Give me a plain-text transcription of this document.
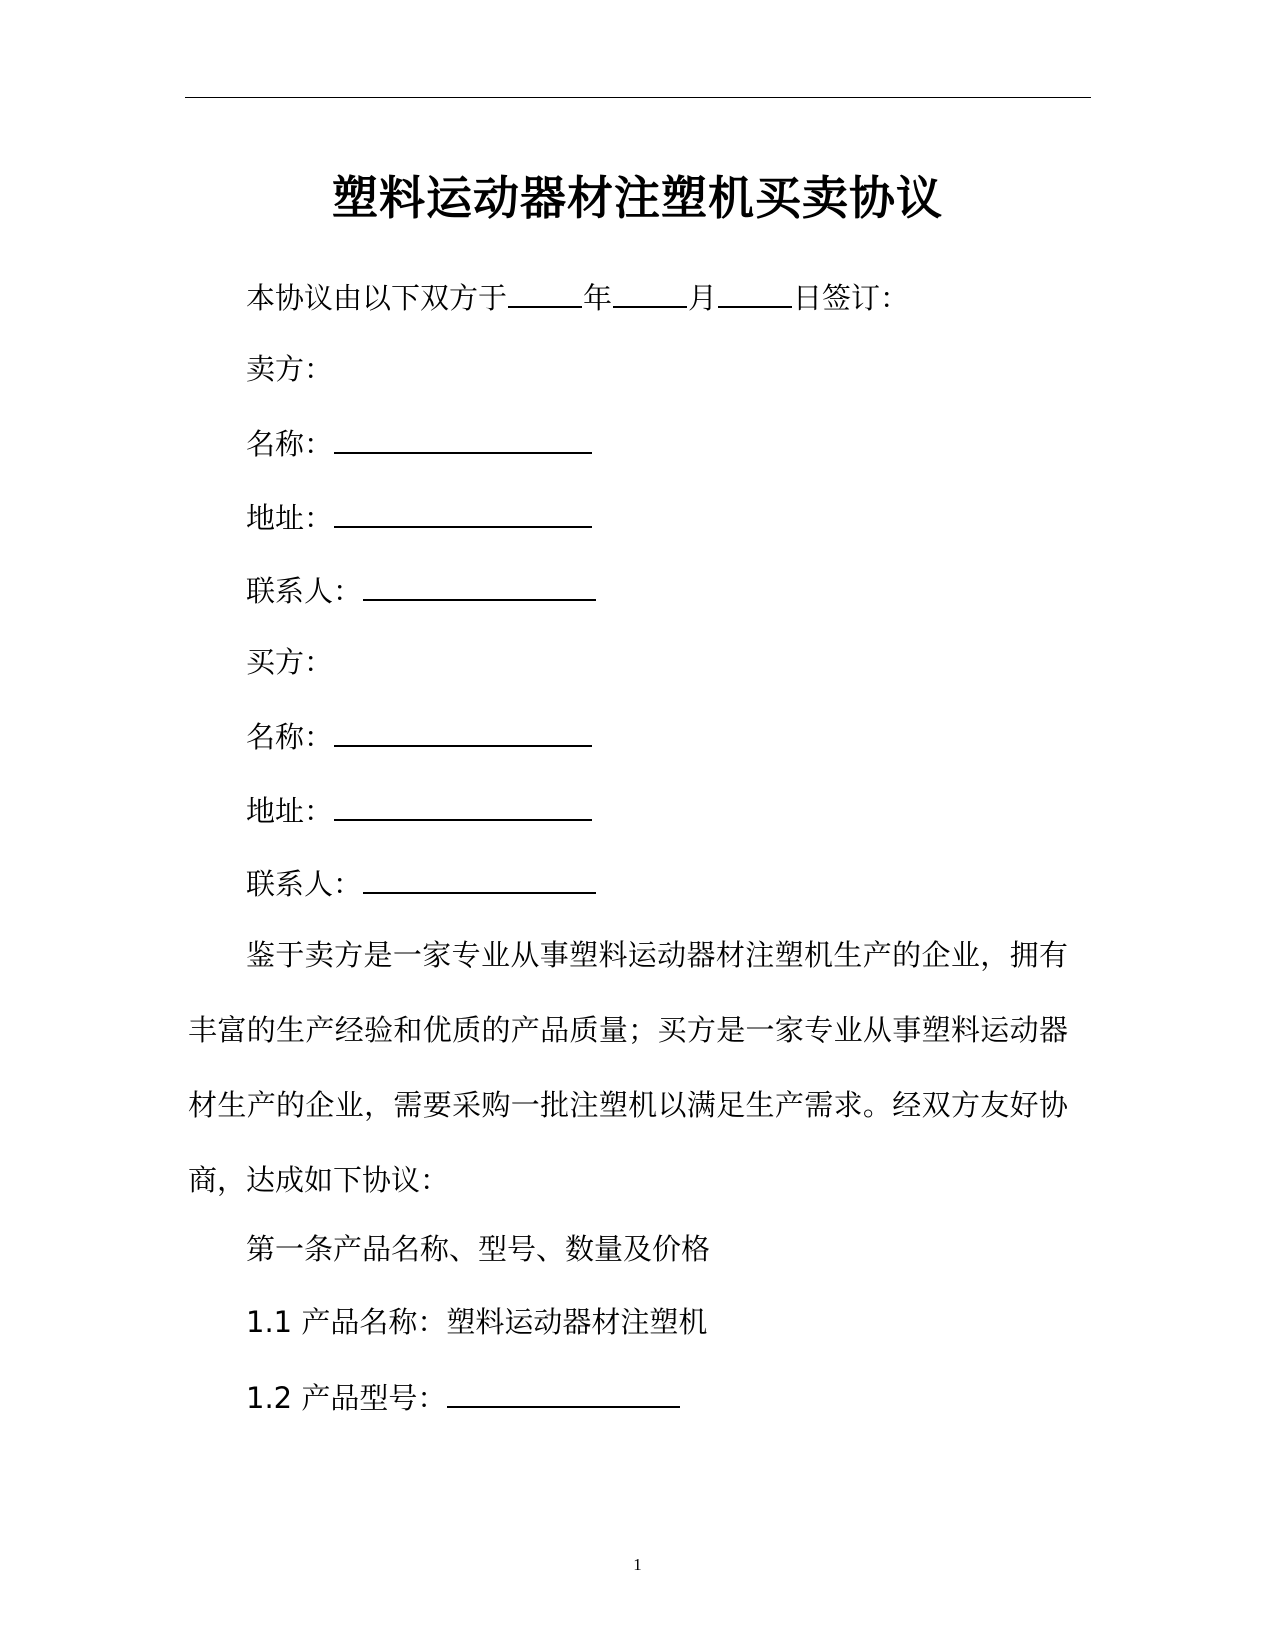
塑料运动器材注塑机买卖协议
本协议由以下双方于	年	月	日签订：
卖方：
名称：
地址：
联系人：
买方：
名称：
地址：
联系人：
鉴于卖方是一家专业从事塑料运动器材注塑机生产的企业，拥有丰富的生产经验和优质的产品质量；买方是一家专业从事塑料运动器材生产的企业，需要采购一批注塑机以满足生产需求。经双方友好协商，达成如下协议：
第一条产品名称、型号、数量及价格
1.1 产品名称：塑料运动器材注塑机
1.2 产品型号：
1
